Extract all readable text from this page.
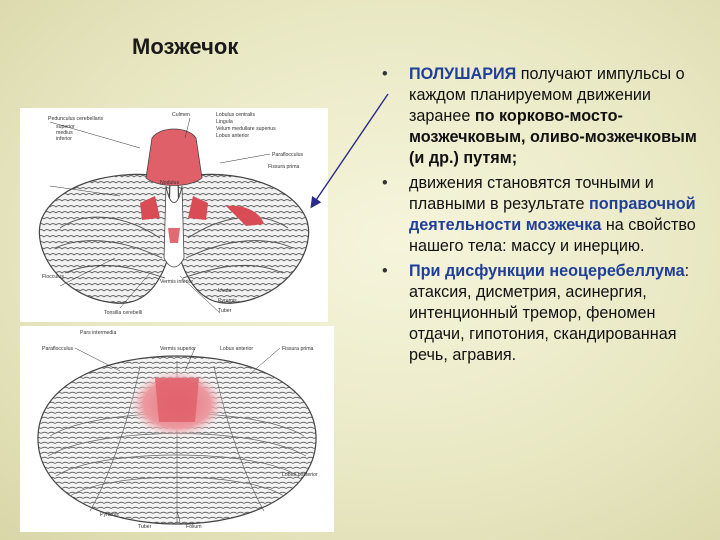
Мозжечок
Pedunculus cerebellaris
superior
medius
inferior
Culmen	Lobulus centralis
Lingula
Velum medullare superius
Lobus anterior
Paraflocculus
Fissura prima
Nodulus
Flocculus
Vermis inferior
Tonsilla cerebelli
Uvula
Pyramis
Tuber
Pars intermedia
Paraflocculus	Vermis superior	Lobus anterior	Fissura prima
Lobus posterior
Pyramis
Tuber	Folium
• ПОЛУШАРИЯ получают импульсы о каждом планируемом движении заранее по корково-мосто-мозжечковым, оливо-мозжечковым (и др.) путям;
• движения становятся точными и плавными в результате поправочной деятельности мозжечка на свойство нашего тела: массу и инерцию.
• При дисфункции неоцеребеллума: атаксия, дисметрия, асинергия, интенционный тремор, феномен отдачи, гипотония, скандированная речь, агравия.
